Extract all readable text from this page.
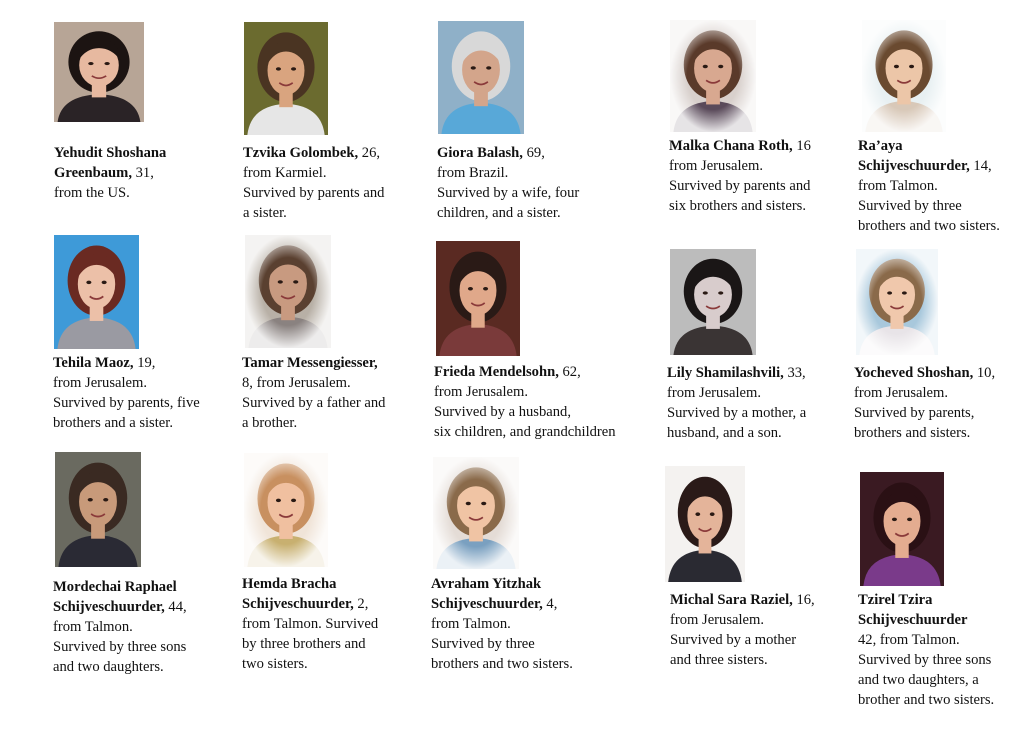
Yehudit Shoshana
Greenbaum, 31,
from the US.
Tzvika Golombek, 26,
from Karmiel.
Survived by parents and
a sister.
Giora Balash, 69,
from Brazil.
Survived by a wife, four
children, and a sister.
Malka Chana Roth, 16
from Jerusalem.
Survived by parents and
six brothers and sisters.
Ra’aya
Schijveschuurder, 14,
from Talmon.
Survived by three
brothers and two sisters.
Tehila Maoz, 19,
from Jerusalem.
Survived by parents, five
brothers and a sister.
Tamar Messengiesser,
8, from Jerusalem.
Survived by a father and
a brother.
Frieda Mendelsohn, 62,
from Jerusalem.
Survived by a husband,
six children, and grandchildren
Lily Shamilashvili, 33,
from Jerusalem.
Survived by a mother, a
husband, and a son.
Yocheved Shoshan, 10,
from Jerusalem.
Survived by parents,
brothers and sisters.
Mordechai Raphael
Schijveschuurder, 44,
from Talmon.
Survived by three sons
and two daughters.
Hemda Bracha
Schijveschuurder, 2,
from Talmon. Survived
by three brothers and
two sisters.
Avraham Yitzhak
Schijveschuurder, 4,
from Talmon.
Survived by three
brothers and two sisters.
Michal Sara Raziel, 16,
from Jerusalem.
Survived by a mother
and three sisters.
Tzirel Tzira
Schijveschuurder
42, from Talmon.
Survived by three sons
and two daughters, a
brother and two sisters.
